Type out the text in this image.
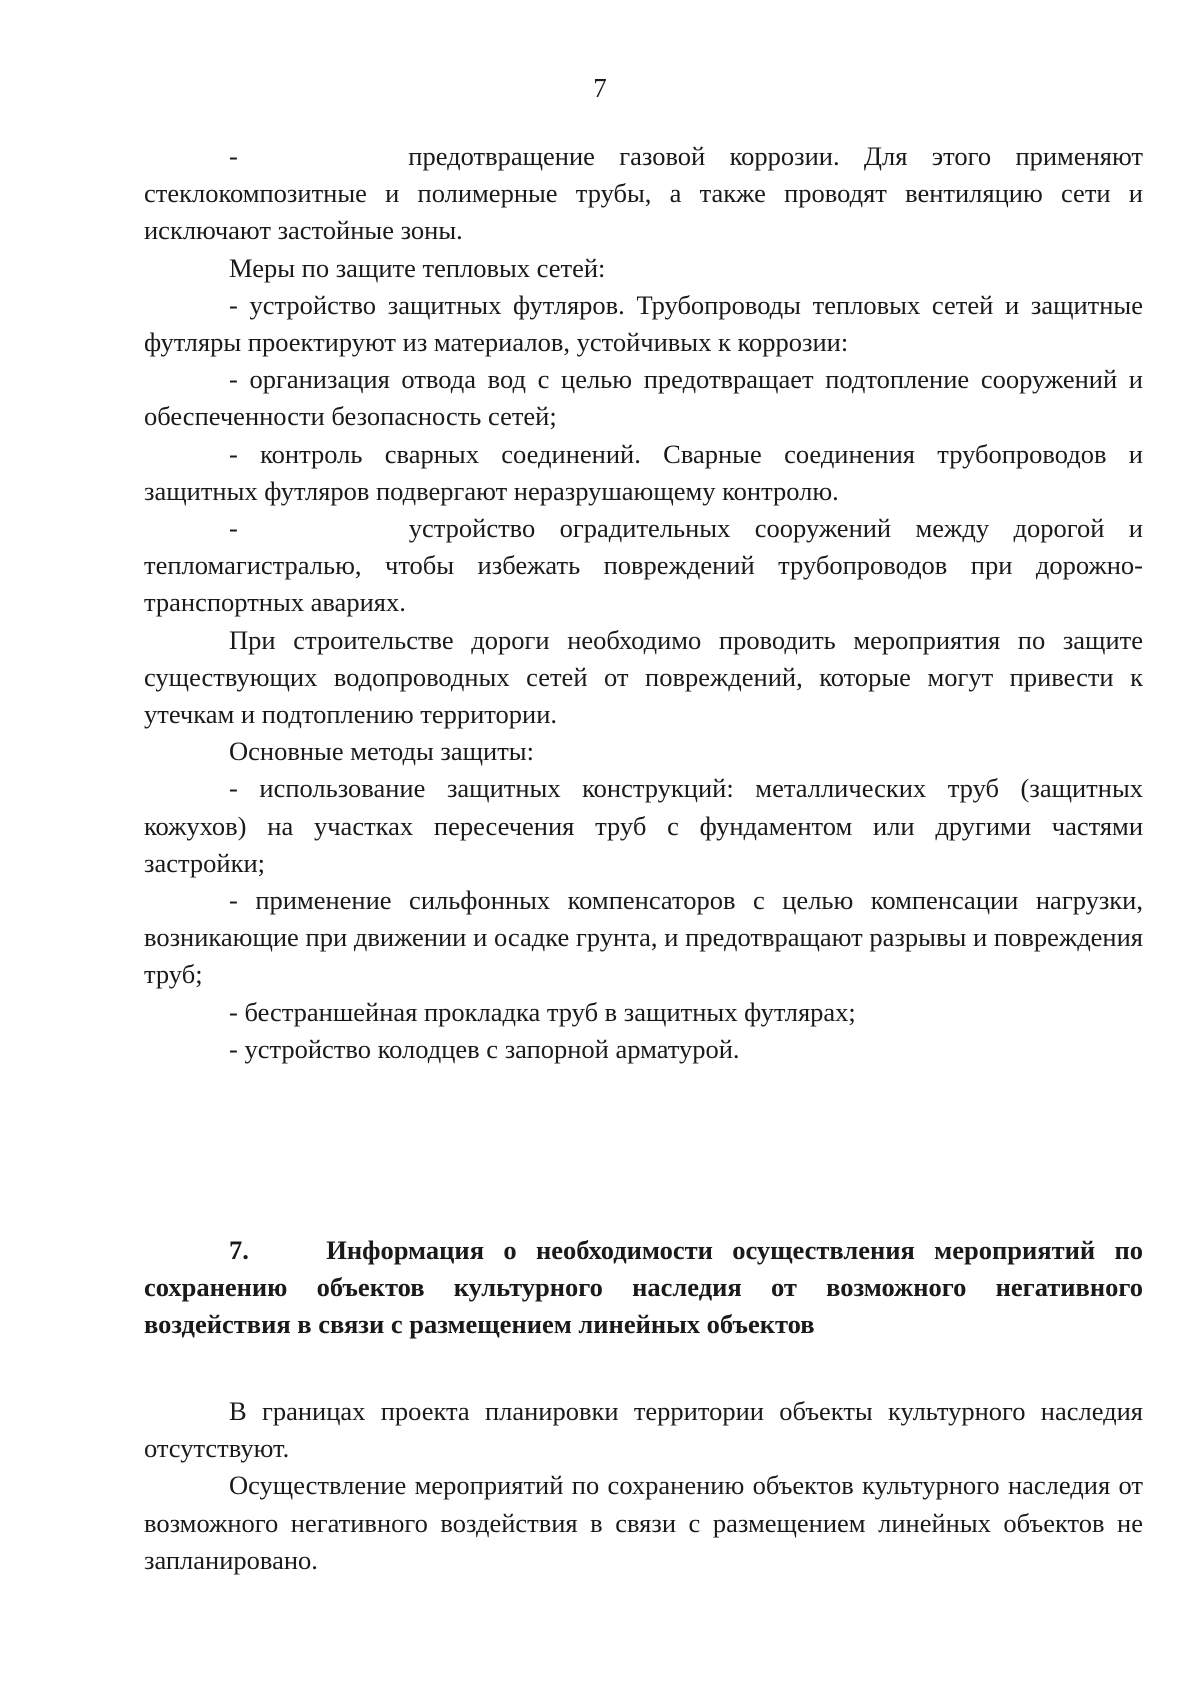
7

-       предотвращение газовой коррозии. Для этого применяют стеклокомпозитные и полимерные трубы, а также проводят вентиляцию сети и исключают застойные зоны.

Меры по защите тепловых сетей:

- устройство защитных футляров. Трубопроводы тепловых сетей и защитные футляры проектируют из материалов, устойчивых к коррозии:

- организация отвода вод с целью предотвращает подтопление сооружений и обеспеченности безопасность сетей;

- контроль сварных соединений. Сварные соединения трубопроводов и защитных футляров подвергают неразрушающему контролю.

-       устройство оградительных сооружений между дорогой и тепломагистралью, чтобы избежать повреждений трубопроводов при дорожно-транспортных авариях.

При строительстве дороги необходимо проводить мероприятия по защите существующих водопроводных сетей от повреждений, которые могут привести к утечкам и подтоплению территории.

Основные методы защиты:

- использование защитных конструкций: металлических труб (защитных кожухов) на участках пересечения труб с фундаментом или другими частями застройки;

- применение сильфонных компенсаторов с целью компенсации нагрузки, возникающие при движении и осадке грунта, и предотвращают разрывы и повреждения труб;

- бестраншейная прокладка труб в защитных футлярах;

- устройство колодцев с запорной арматурой.

7.	Информация о необходимости осуществления мероприятий по сохранению объектов культурного наследия от возможного негативного воздействия в связи с размещением линейных объектов

В границах проекта планировки территории объекты культурного наследия отсутствуют.

Осуществление мероприятий по сохранению объектов культурного наследия от возможного негативного воздействия в связи с размещением линейных объектов не запланировано.
